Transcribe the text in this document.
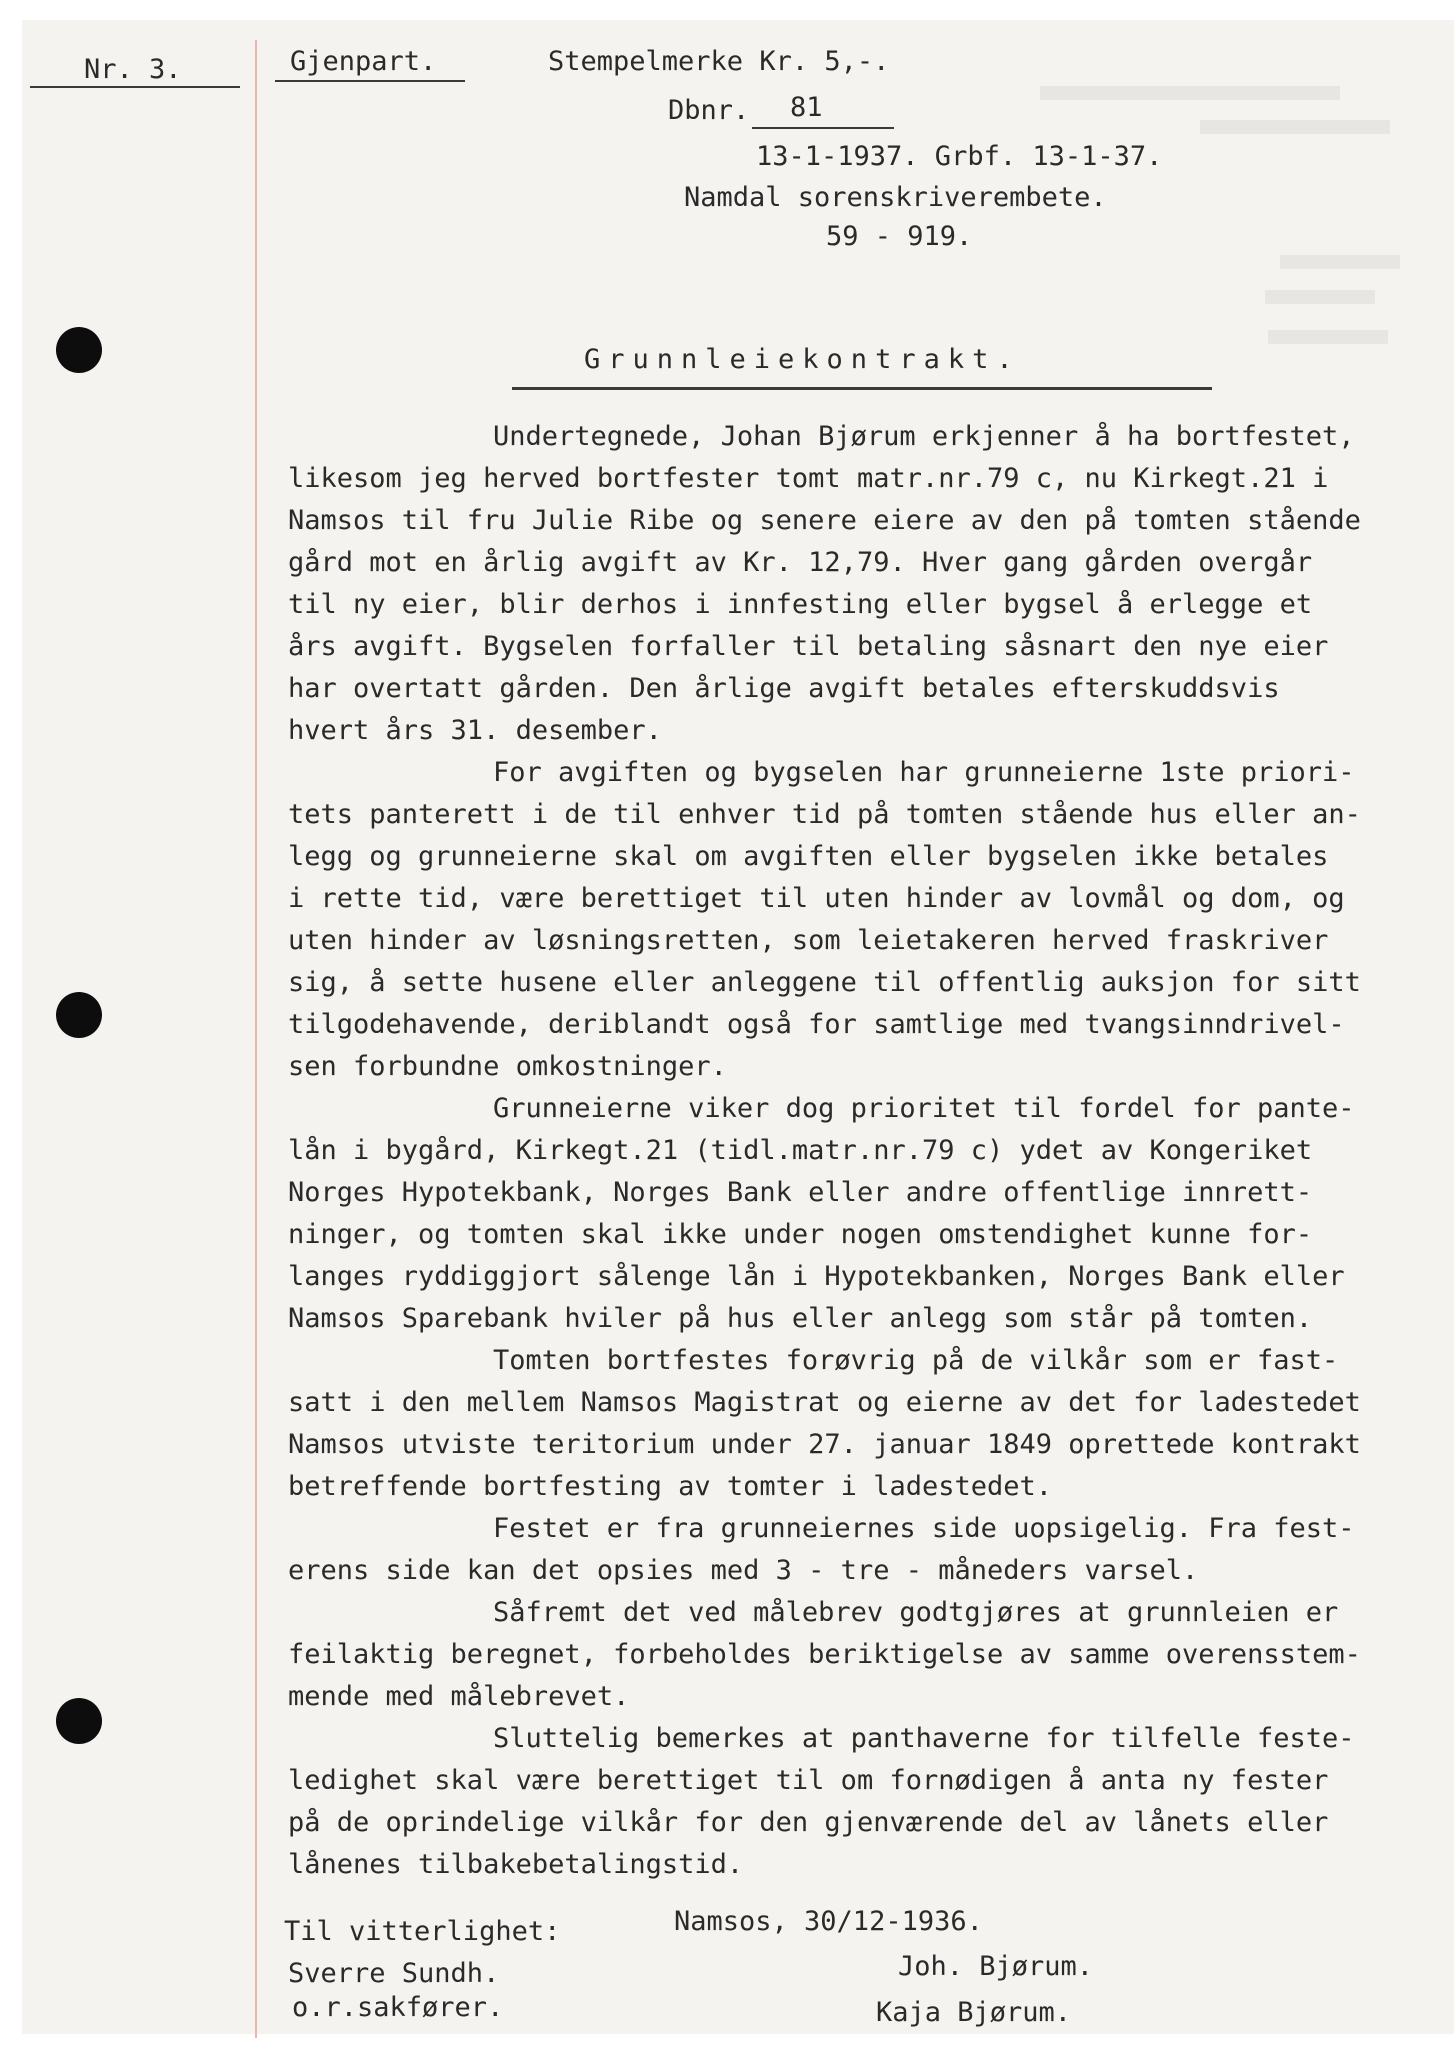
Nr. 3.	Gjenpart.	Stempelmerke Kr. 5,-.
Dbnr. 81
13-1-1937. Grbf. 13-1-37.
Namdal sorenskriverembete.
59 - 919.
Grunnleiekontrakt.
Undertegnede, Johan Bjørum erkjenner å ha bortfestet,
likesom jeg herved bortfester tomt matr.nr.79 c, nu Kirkegt.21 i
Namsos til fru Julie Ribe og senere eiere av den på tomten stående
gård mot en årlig avgift av Kr. 12,79. Hver gang gården overgår
til ny eier, blir derhos i innfesting eller bygsel å erlegge et
års avgift. Bygselen forfaller til betaling såsnart den nye eier
har overtatt gården. Den årlige avgift betales efterskuddsvis
hvert års 31. desember.
For avgiften og bygselen har grunneierne 1ste priori-
tets panterett i de til enhver tid på tomten stående hus eller an-
legg og grunneierne skal om avgiften eller bygselen ikke betales
i rette tid, være berettiget til uten hinder av lovmål og dom, og
uten hinder av løsningsretten, som leietakeren herved fraskriver
sig, å sette husene eller anleggene til offentlig auksjon for sitt
tilgodehavende, deriblandt også for samtlige med tvangsinndrivel-
sen forbundne omkostninger.
Grunneierne viker dog prioritet til fordel for pante-
lån i bygård, Kirkegt.21 (tidl.matr.nr.79 c) ydet av Kongeriket
Norges Hypotekbank, Norges Bank eller andre offentlige innrett-
ninger, og tomten skal ikke under nogen omstendighet kunne for-
langes ryddiggjort sålenge lån i Hypotekbanken, Norges Bank eller
Namsos Sparebank hviler på hus eller anlegg som står på tomten.
Tomten bortfestes forøvrig på de vilkår som er fast-
satt i den mellem Namsos Magistrat og eierne av det for ladestedet
Namsos utviste teritorium under 27. januar 1849 oprettede kontrakt
betreffende bortfesting av tomter i ladestedet.
Festet er fra grunneiernes side uopsigelig. Fra fest-
erens side kan det opsies med 3 - tre - måneders varsel.
Såfremt det ved målebrev godtgjøres at grunnleien er
feilaktig beregnet, forbeholdes beriktigelse av samme overensstem-
mende med målebrevet.
Sluttelig bemerkes at panthaverne for tilfelle feste-
ledighet skal være berettiget til om fornødigen å anta ny fester
på de oprindelige vilkår for den gjenværende del av lånets eller
lånenes tilbakebetalingstid.
Til vitterlighet:
Sverre Sundh.
o.r.sakfører.
Namsos, 30/12-1936.
Joh. Bjørum.
Kaja Bjørum.
